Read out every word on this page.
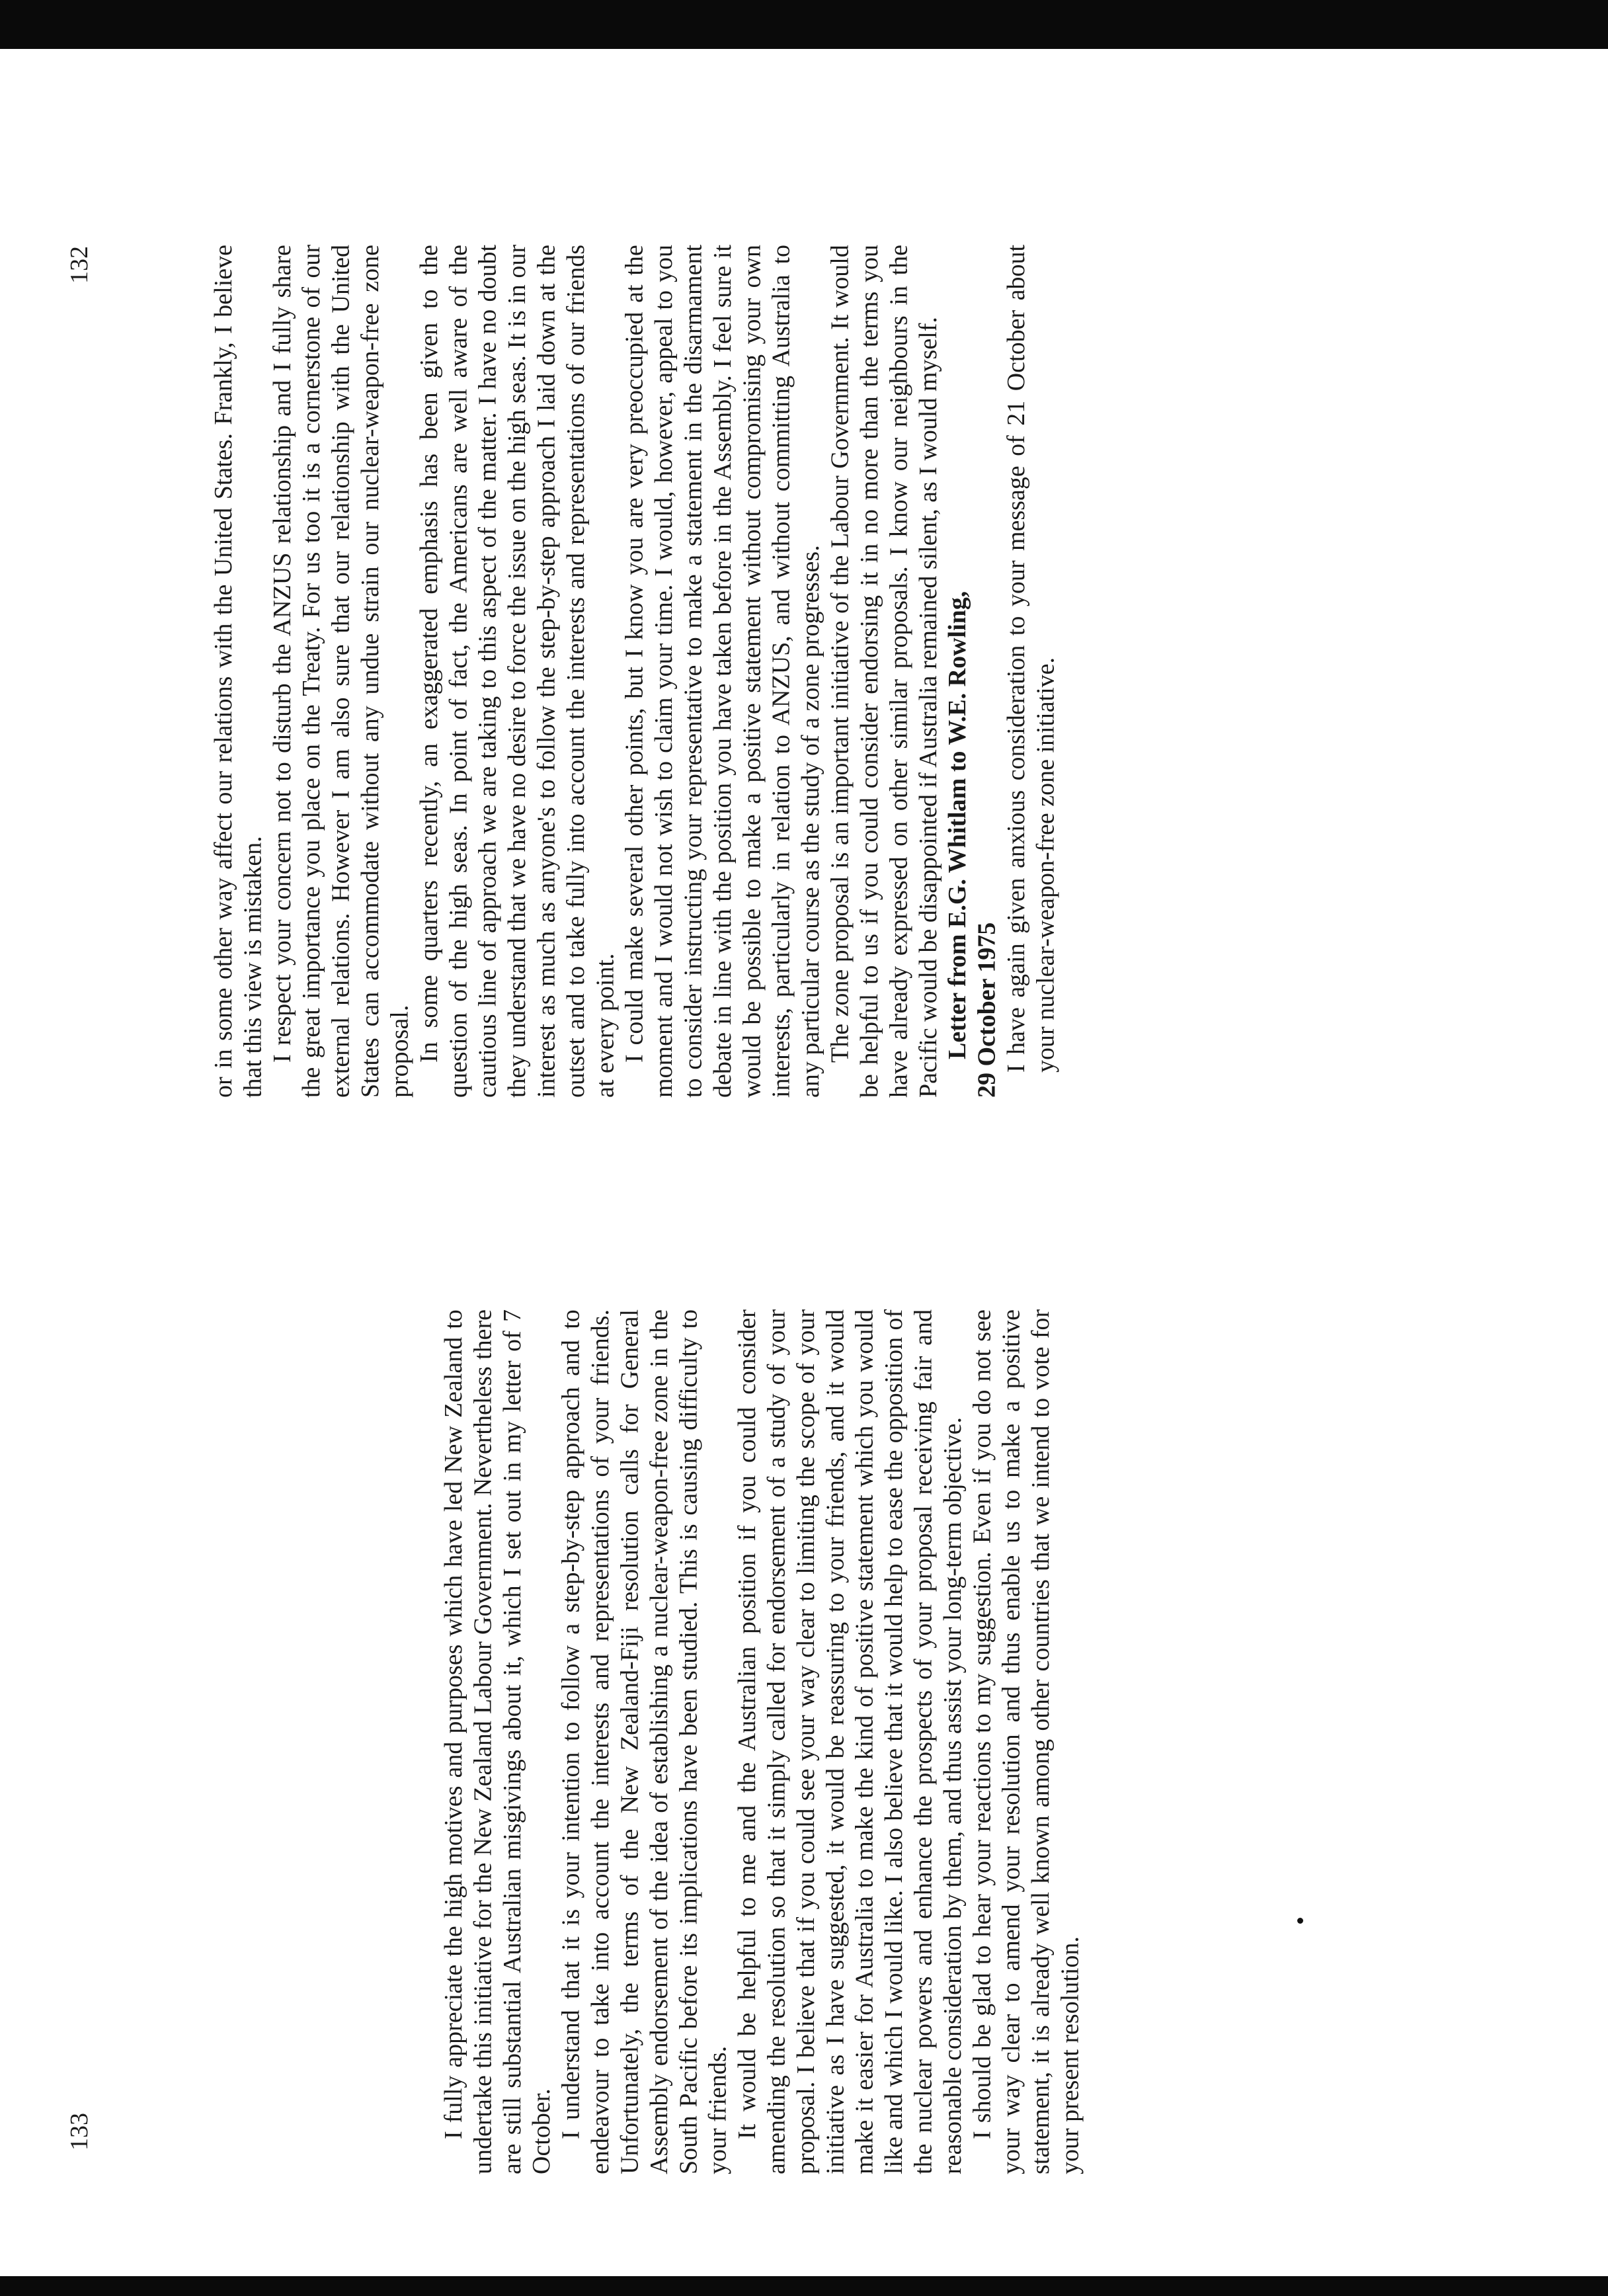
132
133

or in some other way affect our relations with the United States. Frankly, I believe that this view is mistaken. I respect your concern not to disturb the ANZUS relationship and I fully share the great importance you place on the Treaty. For us too it is a cornerstone of our external relations. However I am also sure that our relationship with the United States can accommodate without any undue strain our nuclear-weapon-free zone proposal. In some quarters recently, an exaggerated emphasis has been given to the question of the high seas. In point of fact, the Americans are well aware of the cautious line of approach we are taking to this aspect of the matter. I have no doubt they understand that we have no desire to force the issue on the high seas. It is in our interest as much as anyone's to follow the step-by-step approach I laid down at the outset and to take fully into account the interests and representations of our friends at every point. I could make several other points, but I know you are very preoccupied at the moment and I would not wish to claim your time. I would, however, appeal to you to consider instructing your representative to make a statement in the disarmament debate in line with the position you have taken before in the Assembly. I feel sure it would be possible to make a positive statement without compromising your own interests, particularly in relation to ANZUS, and without committing Australia to any particular course as the study of a zone progresses. The zone proposal is an important initiative of the Labour Government. It would be helpful to us if you could consider endorsing it in no more than the terms you have already expressed on other similar proposals. I know our neighbours in the Pacific would be disappointed if Australia remained silent, as I would myself. Letter from E.G. Whitlam to W.E. Rowling, 29 October 1975 I have again given anxious consideration to your message of 21 October about your nuclear-weapon-free zone initiative.

I fully appreciate the high motives and purposes which have led New Zealand to undertake this initiative for the New Zealand Labour Government. Nevertheless there are still substantial Australian misgivings about it, which I set out in my letter of 7 October. I understand that it is your intention to follow a step-by-step approach and to endeavour to take into account the interests and representations of your friends. Unfortunately, the terms of the New Zealand-Fiji resolution calls for General Assembly endorsement of the idea of establishing a nuclear-weapon-free zone in the South Pacific before its implications have been studied. This is causing difficulty to your friends. It would be helpful to me and the Australian position if you could consider amending the resolution so that it simply called for endorsement of a study of your proposal. I believe that if you could see your way clear to limiting the scope of your initiative as I have suggested, it would be reassuring to your friends, and it would make it easier for Australia to make the kind of positive statement which you would like and which I would like. I also believe that it would help to ease the opposition of the nuclear powers and enhance the prospects of your proposal receiving fair and reasonable consideration by them, and thus assist your long-term objective. I should be glad to hear your reactions to my suggestion. Even if you do not see your way clear to amend your resolution and thus enable us to make a positive statement, it is already well known among other countries that we intend to vote for your present resolution.
